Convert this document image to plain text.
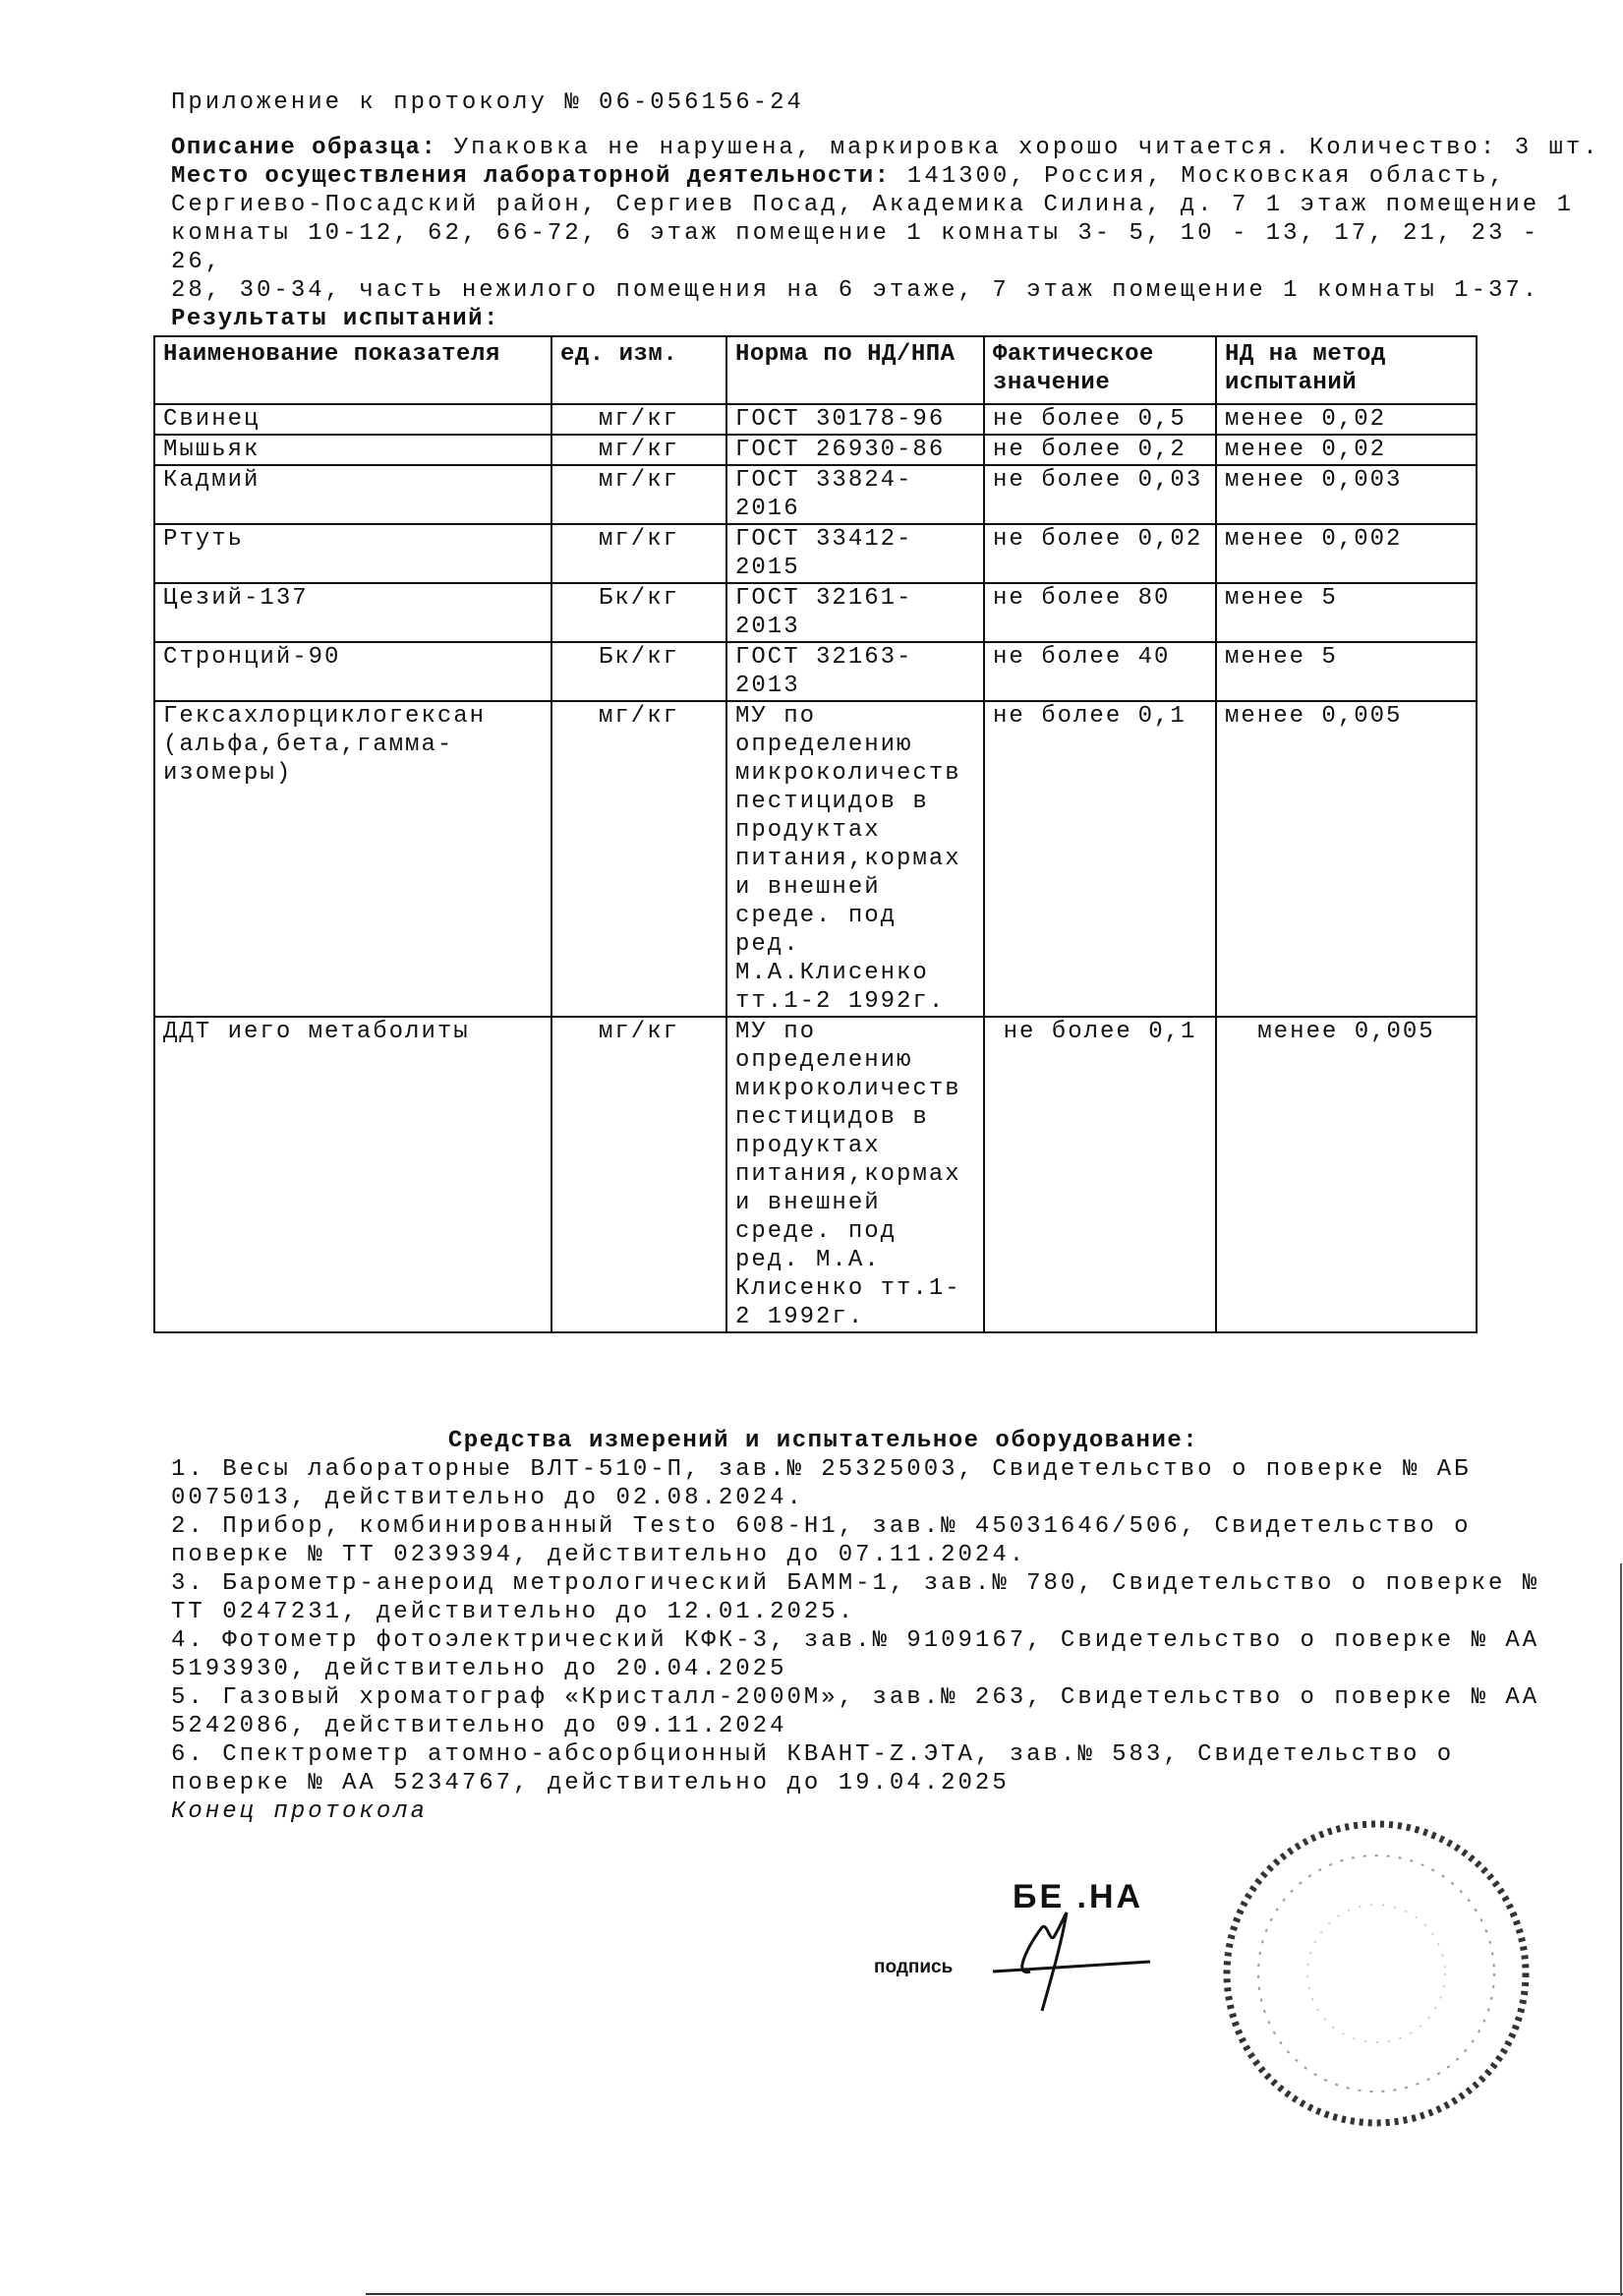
Приложение к протоколу № 06-056156-24
Описание образца: Упаковка не нарушена, маркировка хорошо читается. Количество: 3 шт.
Место осуществления лабораторной деятельности: 141300, Россия, Московская область,
Сергиево-Посадский район, Сергиев Посад, Академика Силина, д. 7 1 этаж помещение 1
комнаты 10-12, 62, 66-72, 6 этаж помещение 1 комнаты 3- 5, 10 - 13, 17, 21, 23 - 26,
28, 30-34, часть нежилого помещения на 6 этаже, 7 этаж помещение 1 комнаты 1-37.
Результаты испытаний:
Наименование показателя	ед. изм.	Норма по НД/НПА	Фактическое значение	НД на метод испытаний
Свинец	мг/кг	ГОСТ 30178-96	не более 0,5	менее 0,02
Мышьяк	мг/кг	ГОСТ 26930-86	не более 0,2	менее 0,02
Кадмий	мг/кг	ГОСТ 33824-2016	не более 0,03	менее 0,003
Ртуть	мг/кг	ГОСТ 33412-2015	не более 0,02	менее 0,002
Цезий-137	Бк/кг	ГОСТ 32161-2013	не более 80	менее 5
Стронций-90	Бк/кг	ГОСТ 32163-2013	не более 40	менее 5
Гексахлорциклогексан (альфа,бета,гамма-изомеры)	мг/кг	МУ по определению микроколичеств пестицидов в продуктах питания,кормах и внешней среде. под ред. М.А.Клисенко тт.1-2 1992г.	не более 0,1	менее 0,005
ДДТ иего метаболиты	мг/кг	МУ по определению микроколичеств пестицидов в продуктах питания,кормах и внешней среде. под ред. М.А. Клисенко тт.1-2 1992г.	не более 0,1	менее 0,005
Средства измерений и испытательное оборудование:
1. Весы лабораторные ВЛТ-510-П, зав.№ 25325003, Свидетельство о поверке № АБ 0075013, действительно до 02.08.2024.
2. Прибор, комбинированный Testo 608-H1, зав.№ 45031646/506, Свидетельство о поверке № ТТ 0239394, действительно до 07.11.2024.
3. Барометр-анероид метрологический БАММ-1, зав.№ 780, Свидетельство о поверке № ТТ 0247231, действительно до 12.01.2025.
4. Фотометр фотоэлектрический КФК-3, зав.№ 9109167, Свидетельство о поверке № АА 5193930, действительно до 20.04.2025
5. Газовый хроматограф «Кристалл-2000М», зав.№ 263, Свидетельство о поверке № АА 5242086, действительно до 09.11.2024
6. Спектрометр атомно-абсорбционный КВАНТ-Z.ЭТА, зав.№ 583, Свидетельство о поверке № АА 5234767, действительно до 19.04.2025
Конец протокола
подпись
БЕ .НА
